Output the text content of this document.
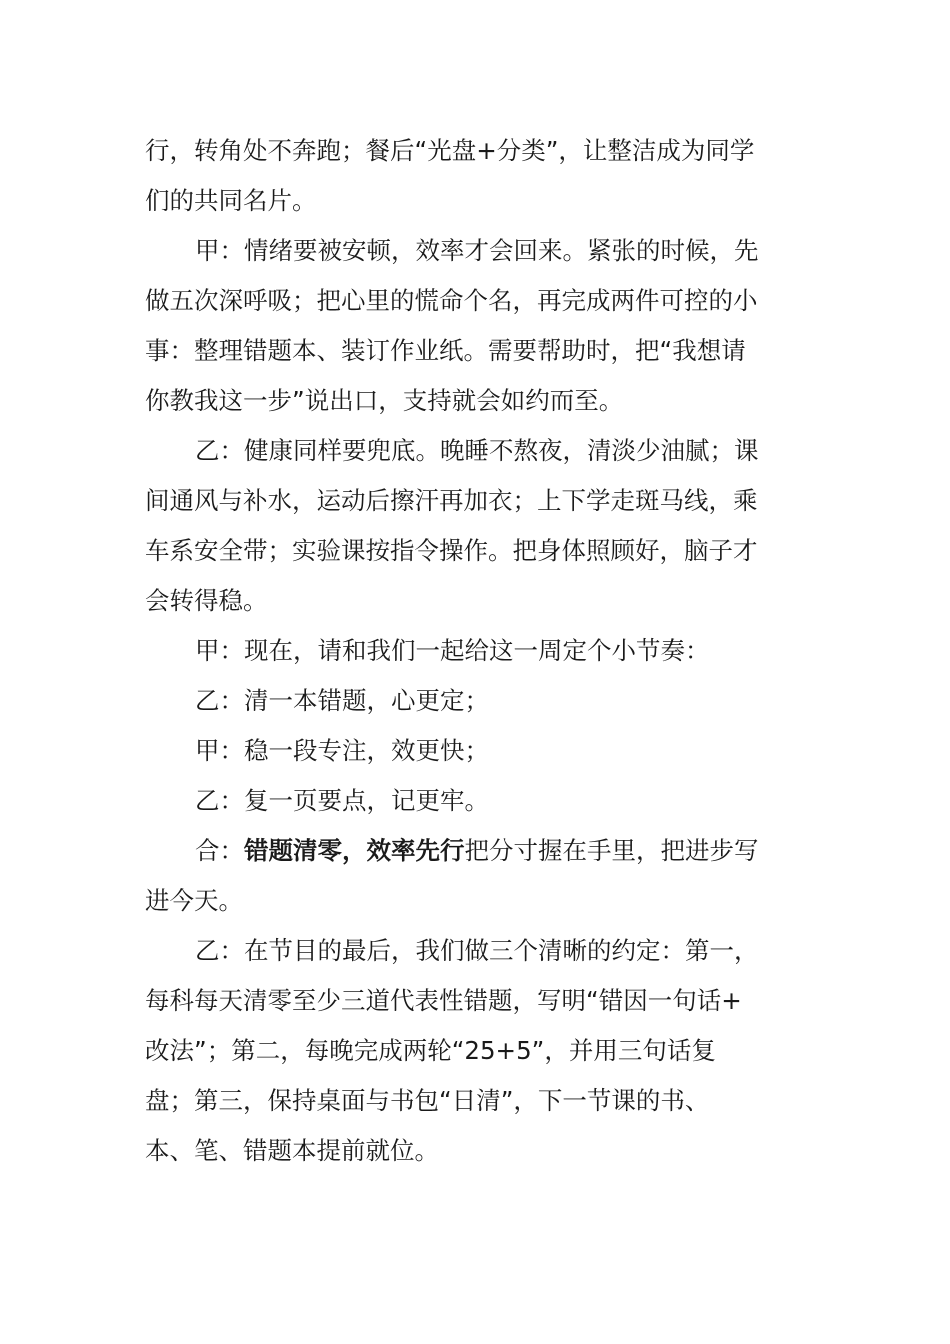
行，转角处不奔跑；餐后“光盘+分类”，让整洁成为同学
们的共同名片。
甲：情绪要被安顿，效率才会回来。紧张的时候，先
做五次深呼吸；把心里的慌命个名，再完成两件可控的小
事：整理错题本、装订作业纸。需要帮助时，把“我想请
你教我这一步”说出口，支持就会如约而至。
乙：健康同样要兜底。晚睡不熬夜，清淡少油腻；课
间通风与补水，运动后擦汗再加衣；上下学走斑马线，乘
车系安全带；实验课按指令操作。把身体照顾好，脑子才
会转得稳。
甲：现在，请和我们一起给这一周定个小节奏：
乙：清一本错题，心更定；
甲：稳一段专注，效更快；
乙：复一页要点，记更牢。
合：错题清零，效率先行把分寸握在手里，把进步写
进今天。
乙：在节目的最后，我们做三个清晰的约定：第一，
每科每天清零至少三道代表性错题，写明“错因一句话+
改法”；第二，每晚完成两轮“25+5”，并用三句话复
盘；第三，保持桌面与书包“日清”，下一节课的书、
本、笔、错题本提前就位。
